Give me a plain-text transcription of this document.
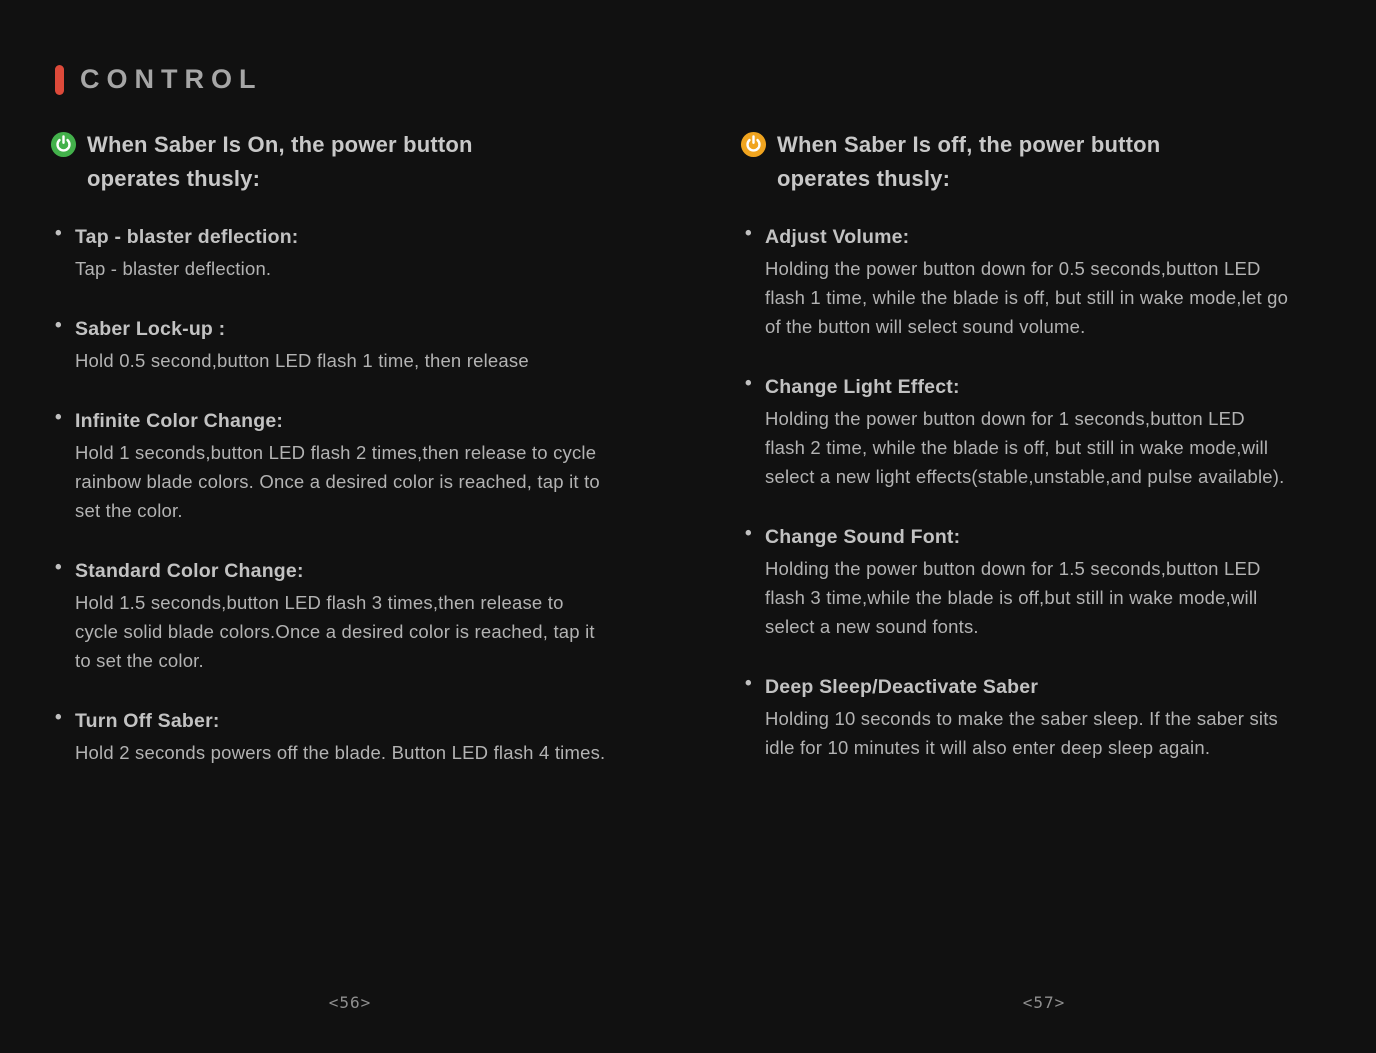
CONTROL
When Saber Is On, the power button operates thusly:
• Tap - blaster deflection:
Tap - blaster deflection.
• Saber Lock-up :
Hold 0.5 second,button LED flash 1 time, then release
• Infinite Color Change:
Hold 1 seconds,button LED flash 2 times,then release to cycle rainbow blade colors. Once a desired color is reached, tap it to set the color.
• Standard Color Change:
Hold 1.5 seconds,button LED flash 3 times,then release to cycle solid blade colors.Once a desired color is reached, tap it to set the color.
• Turn Off Saber:
Hold 2 seconds powers off the blade. Button LED flash 4 times.
When Saber Is off, the power button operates thusly:
• Adjust Volume:
Holding the power button down for 0.5 seconds,button LED flash 1 time, while the blade is off, but still in wake mode,let go of the button will select sound volume.
• Change Light Effect:
Holding the power button down for 1 seconds,button LED flash 2 time, while the blade is off, but still in wake mode,will select a new light effects(stable,unstable,and pulse available).
• Change Sound Font:
Holding the power button down for 1.5 seconds,button LED flash 3 time,while the blade is off,but still in wake mode,will select a new sound fonts.
• Deep Sleep/Deactivate Saber
Holding 10 seconds to make the saber sleep. If the saber sits idle for 10 minutes it will also enter deep sleep again.
<56>	<57>
